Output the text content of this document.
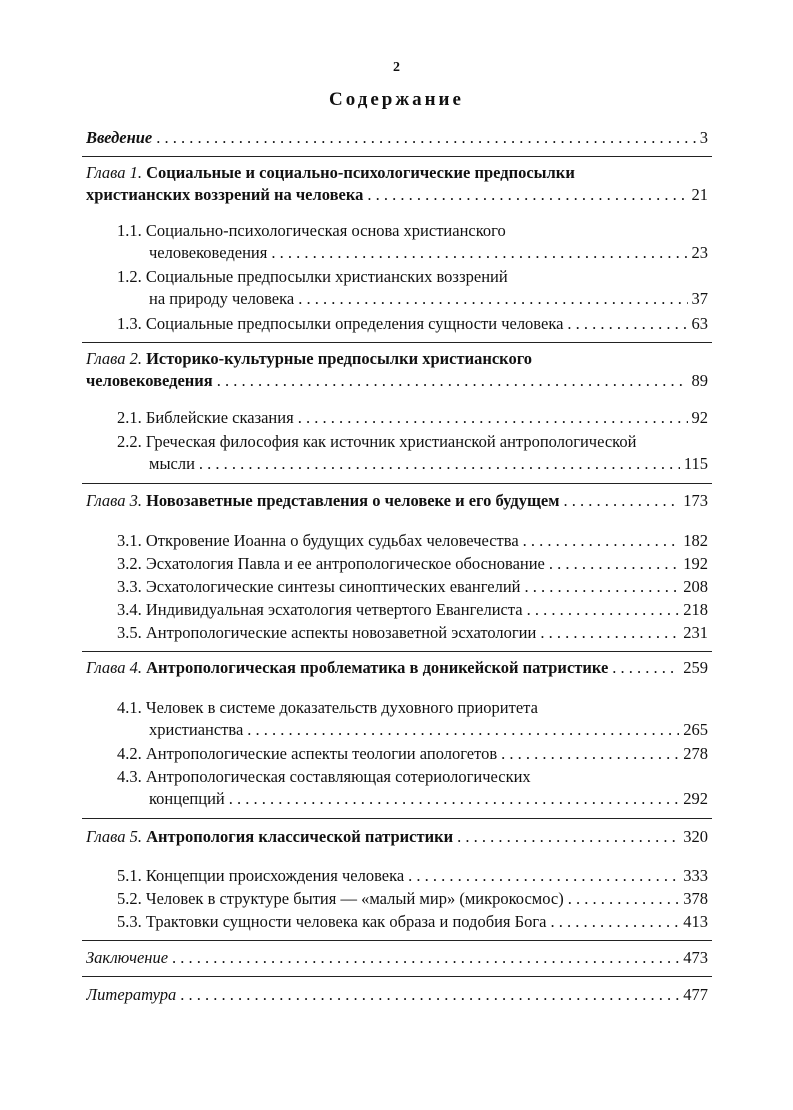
2
Содержание
Введение . . .	3
Глава 1. Социальные и социально-психологические предпосылки
христианских воззрений на человека . . .	21
1.1. Социально-психологическая основа христианского
человековедения . . .	23
1.2. Социальные предпосылки христианских воззрений
на природу человека . . .	37
1.3. Социальные предпосылки определения сущности человека . . .	63
Глава 2. Историко-культурные предпосылки христианского
человековедения . . .	89
2.1. Библейские сказания . . .	92
2.2. Греческая философия как источник христианской антропологической
мысли . . .	115
Глава 3. Новозаветные представления о человеке и его будущем . . .	173
3.1. Откровение Иоанна о будущих судьбах человечества . . .	182
3.2. Эсхатология Павла и ее антропологическое обоснование . . .	192
3.3. Эсхатологические синтезы синоптических евангелий . . .	208
3.4. Индивидуальная эсхатология четвертого Евангелиста . . .	218
3.5. Антропологические аспекты новозаветной эсхатологии . . .	231
Глава 4. Антропологическая проблематика в доникейской патристике . . .	259
4.1. Человек в системе доказательств духовного приоритета
христианства . . .	265
4.2. Антропологические аспекты теологии апологетов . . .	278
4.3. Антропологическая составляющая сотериологических
концепций . . .	292
Глава 5. Антропология классической патристики . . .	320
5.1. Концепции происхождения человека . . .	333
5.2. Человек в структуре бытия — «малый мир» (микрокосмос) . . .	378
5.3. Трактовки сущности человека как образа и подобия Бога . . .	413
Заключение . . .	473
Литература . . .	477
